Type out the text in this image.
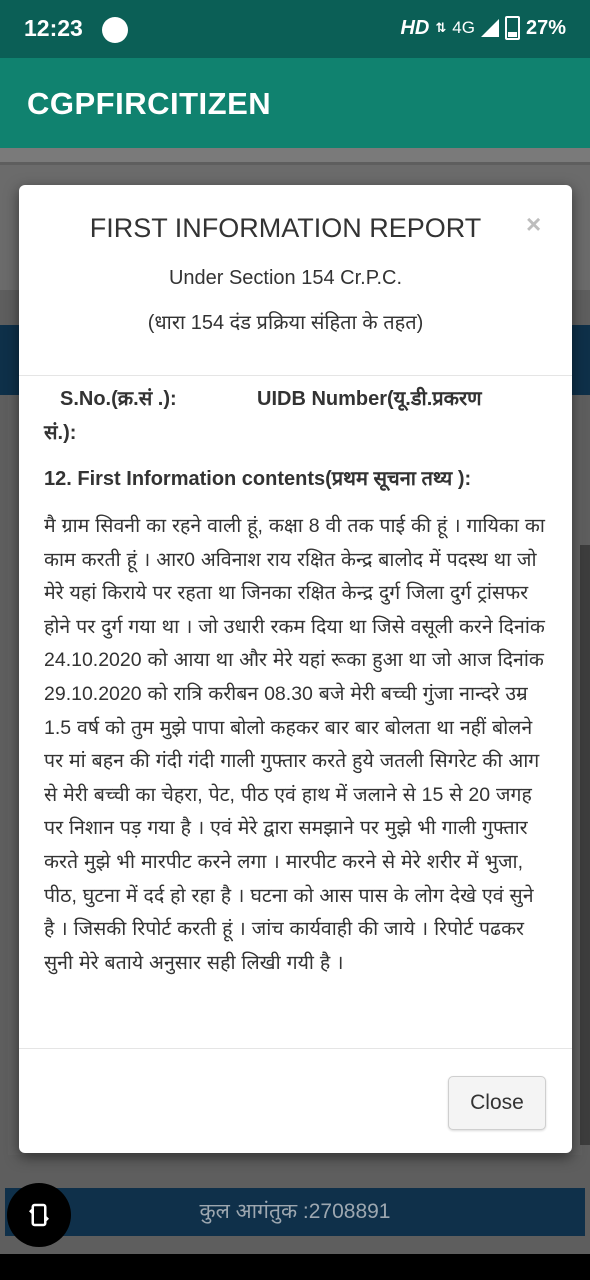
12:23	HD ⇅ 4G	27%
CGPFIRCITIZEN
कुल आगंतुक :2708891
FIRST INFORMATION REPORT
Under Section 154 Cr.P.C.
(धारा 154 दंड प्रक्रिया संहिता के तहत)
×
S.No.(क्र.सं .):	UIDB Number(यू.डी.प्रकरण
सं.):
12. First Information contents(प्रथम सूचना तथ्य ):
मै ग्राम सिवनी का रहने वाली हूं, कक्षा 8 वी तक पाई की हूं । गायिका का काम करती हूं । आर0 अविनाश राय रक्षित केन्द्र बालोद में पदस्थ था जो मेरे यहां किराये पर रहता था जिनका रक्षित केन्द्र दुर्ग जिला दुर्ग ट्रांसफर होने पर दुर्ग गया था । जो उधारी रकम दिया था जिसे वसूली करने दिनांक 24.10.2020 को आया था और मेरे यहां रूका हुआ था जो आज दिनांक 29.10.2020 को रात्रि करीबन 08.30 बजे मेरी बच्ची गुंजा नान्दरे उम्र 1.5 वर्ष को तुम मुझे पापा बोलो कहकर बार बार बोलता था नहीं बोलने पर मां बहन की गंदी गंदी गाली गुफ्तार करते हुये जतली सिगरेट की आग से मेरी बच्ची का चेहरा, पेट, पीठ एवं हाथ में जलाने से 15 से 20 जगह पर निशान पड़ गया है । एवं मेरे द्वारा समझाने पर मुझे भी गाली गुफ्तार करते मुझे भी मारपीट करने लगा । मारपीट करने से मेरे शरीर में भुजा, पीठ, घुटना में दर्द हो रहा है । घटना को आस पास के लोग देखे एवं सुने है । जिसकी रिपोर्ट करती हूं । जांच कार्यवाही की जाये । रिपोर्ट पढकर सुनी मेरे बताये अनुसार सही लिखी गयी है ।
Close
